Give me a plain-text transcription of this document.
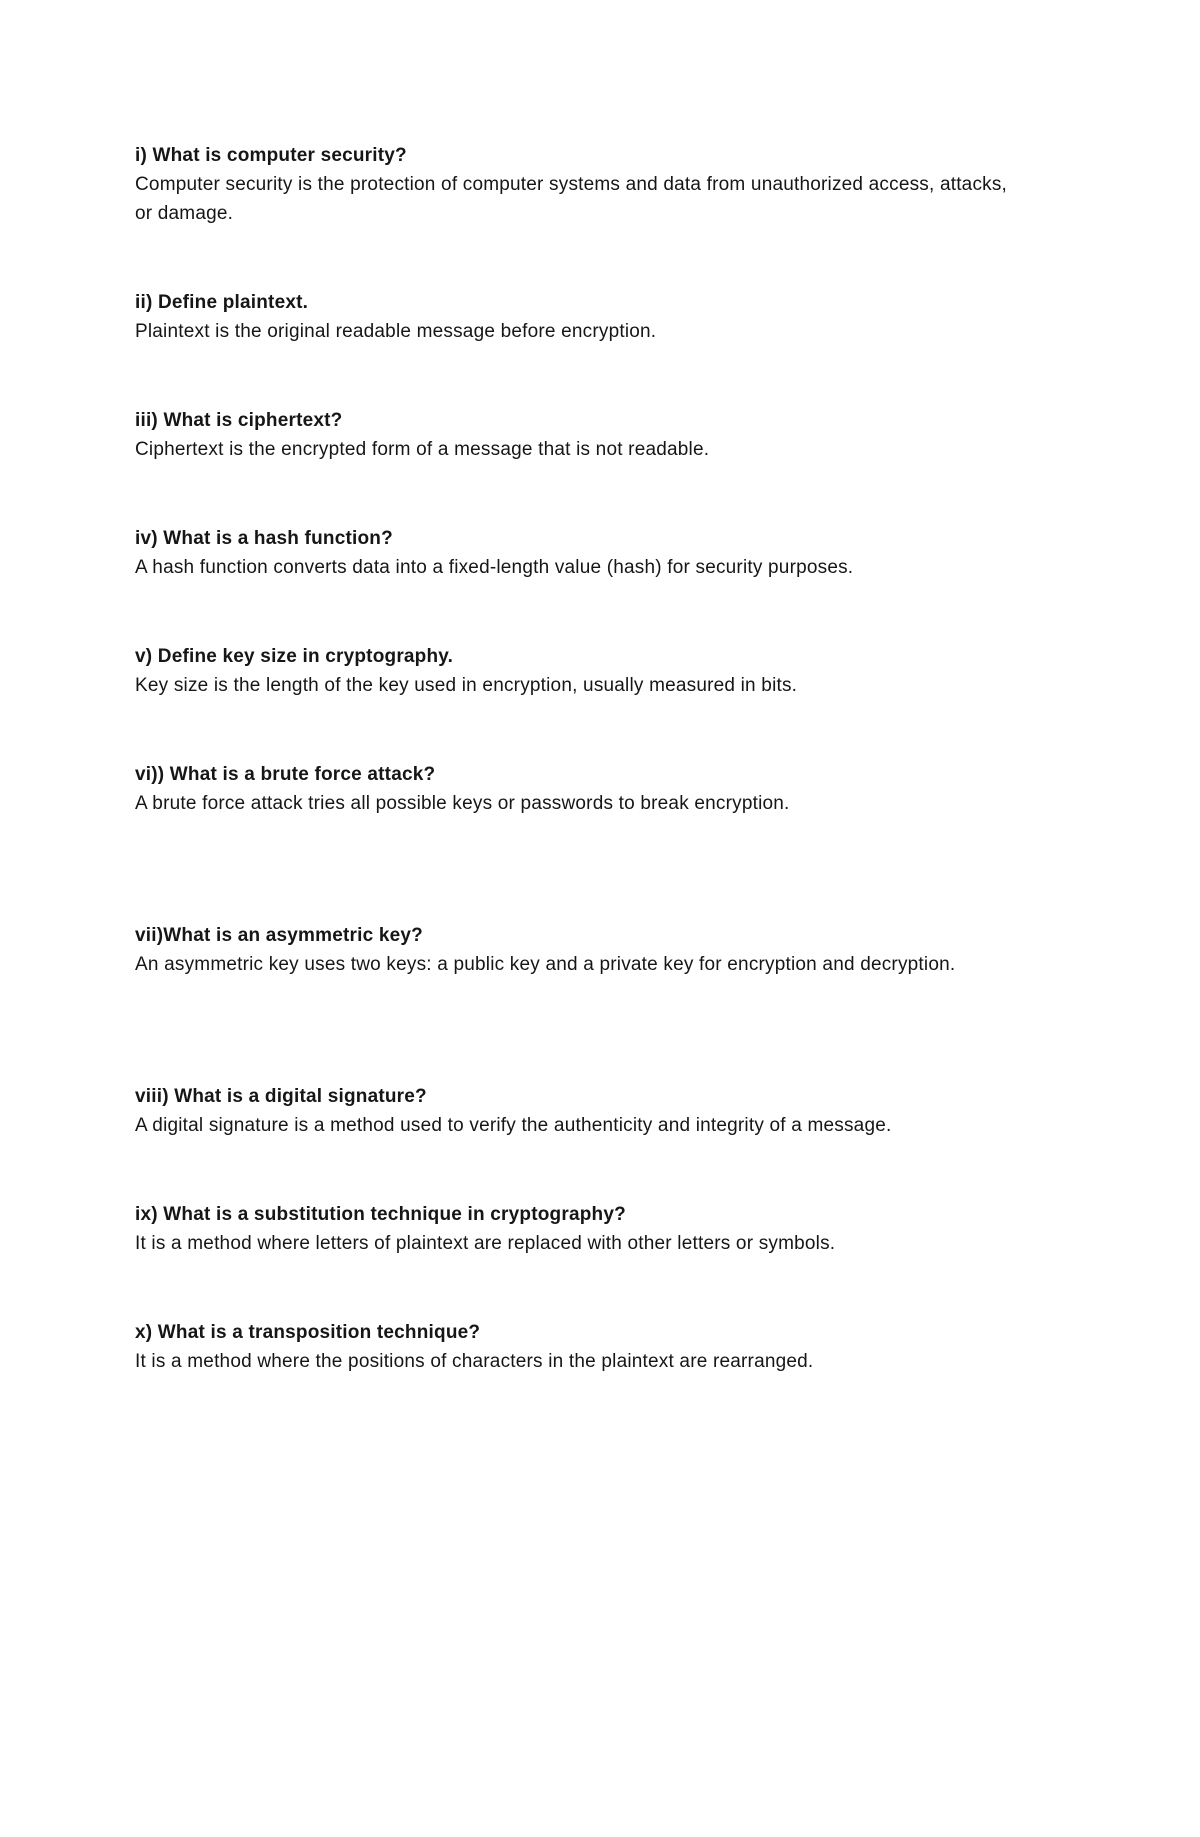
i) What is computer security?

Computer security is the protection of computer systems and data from unauthorized access, attacks, or damage.

ii) Define plaintext.

Plaintext is the original readable message before encryption.

iii) What is ciphertext?

Ciphertext is the encrypted form of a message that is not readable.

iv) What is a hash function?

A hash function converts data into a fixed-length value (hash) for security purposes.

v) Define key size in cryptography.

Key size is the length of the key used in encryption, usually measured in bits.

vi)) What is a brute force attack?

A brute force attack tries all possible keys or passwords to break encryption.

vii)What is an asymmetric key?

An asymmetric key uses two keys: a public key and a private key for encryption and decryption.

viii) What is a digital signature?

A digital signature is a method used to verify the authenticity and integrity of a message.

ix) What is a substitution technique in cryptography?

It is a method where letters of plaintext are replaced with other letters or symbols.

x) What is a transposition technique?

It is a method where the positions of characters in the plaintext are rearranged.
